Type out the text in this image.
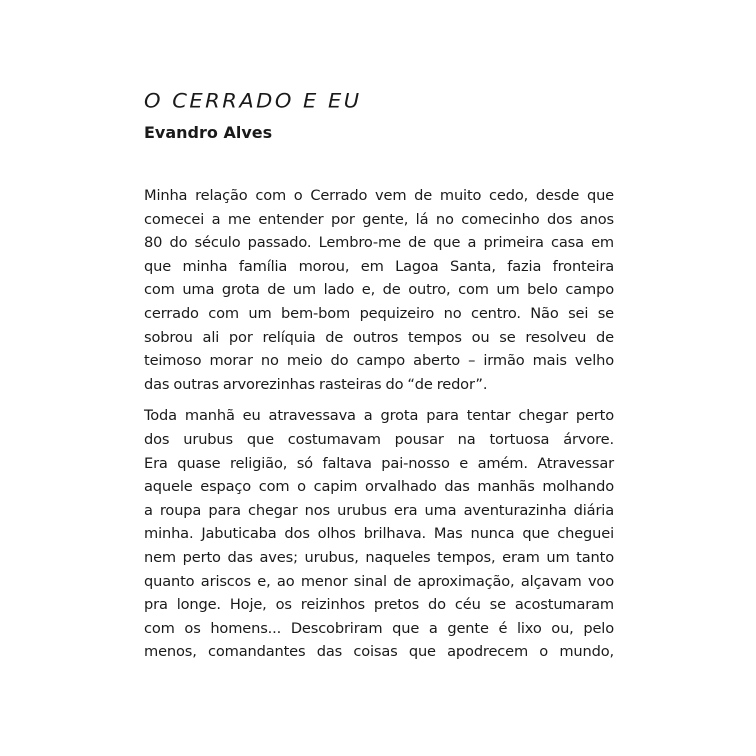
O CERRADO E EU
Evandro Alves

Minha relação com o Cerrado vem de muito cedo, desde que
comecei a me entender por gente, lá no comecinho dos anos
80 do século passado. Lembro-me de que a primeira casa em
que minha família morou, em Lagoa Santa, fazia fronteira
com uma grota de um lado e, de outro, com um belo campo
cerrado com um bem-bom pequizeiro no centro. Não sei se
sobrou ali por relíquia de outros tempos ou se resolveu de
teimoso morar no meio do campo aberto – irmão mais velho
das outras arvorezinhas rasteiras do “de redor”.

Toda manhã eu atravessava a grota para tentar chegar perto
dos urubus que costumavam pousar na tortuosa árvore.
Era quase religião, só faltava pai-nosso e amém. Atravessar
aquele espaço com o capim orvalhado das manhãs molhando
a roupa para chegar nos urubus era uma aventurazinha diária
minha. Jabuticaba dos olhos brilhava. Mas nunca que cheguei
nem perto das aves; urubus, naqueles tempos, eram um tanto
quanto ariscos e, ao menor sinal de aproximação, alçavam voo
pra longe. Hoje, os reizinhos pretos do céu se acostumaram
com os homens... Descobriram que a gente é lixo ou, pelo
menos, comandantes das coisas que apodrecem o mundo,
